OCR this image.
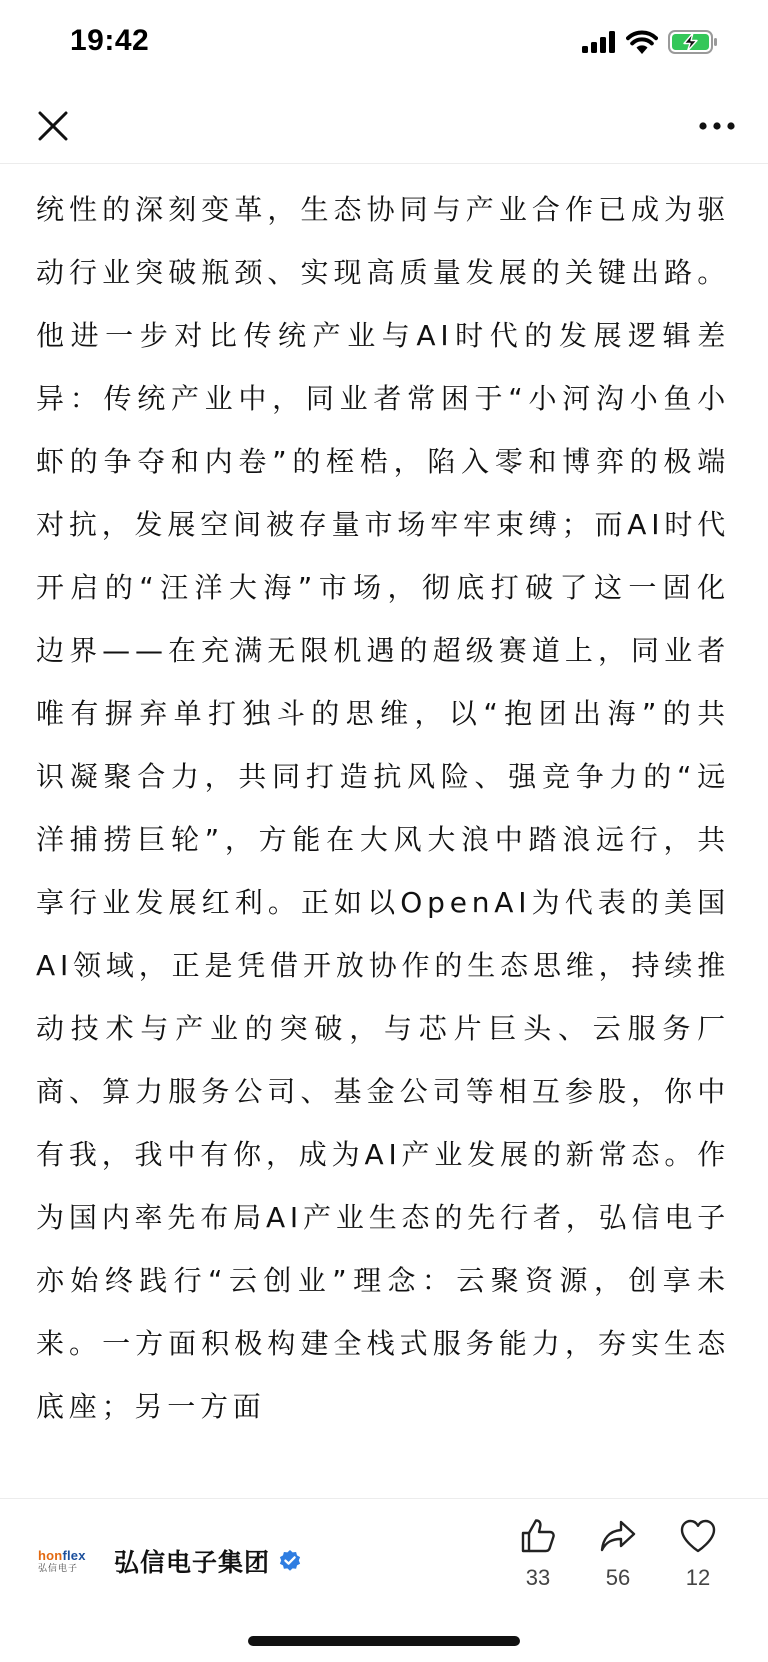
19:42

统性的深刻变革，生态协同与产业合作已成为驱动行业突破瓶颈、实现高质量发展的关键出路。他进一步对比传统产业与AI时代的发展逻辑差异：传统产业中，同业者常困于“小河沟小鱼小虾的争夺和内卷”的桎梏，陷入零和博弈的极端对抗，发展空间被存量市场牢牢束缚；而AI时代开启的“汪洋大海”市场，彻底打破了这一固化边界——在充满无限机遇的超级赛道上，同业者唯有摒弃单打独斗的思维，以“抱团出海”的共识凝聚合力，共同打造抗风险、强竞争力的“远洋捕捞巨轮”，方能在大风大浪中踏浪远行，共享行业发展红利。正如以OpenAI为代表的美国AI领域，正是凭借开放协作的生态思维，持续推动技术与产业的突破，与芯片巨头、云服务厂商、算力服务公司、基金公司等相互参股，你中有我，我中有你，成为AI产业发展的新常态。作为国内率先布局AI产业生态的先行者，弘信电子亦始终践行“云创业”理念：云聚资源，创享未来。一方面积极构建全栈式服务能力，夯实生态底座；另一方面

honflex
弘信电子	弘信电子集团
33	56	12
